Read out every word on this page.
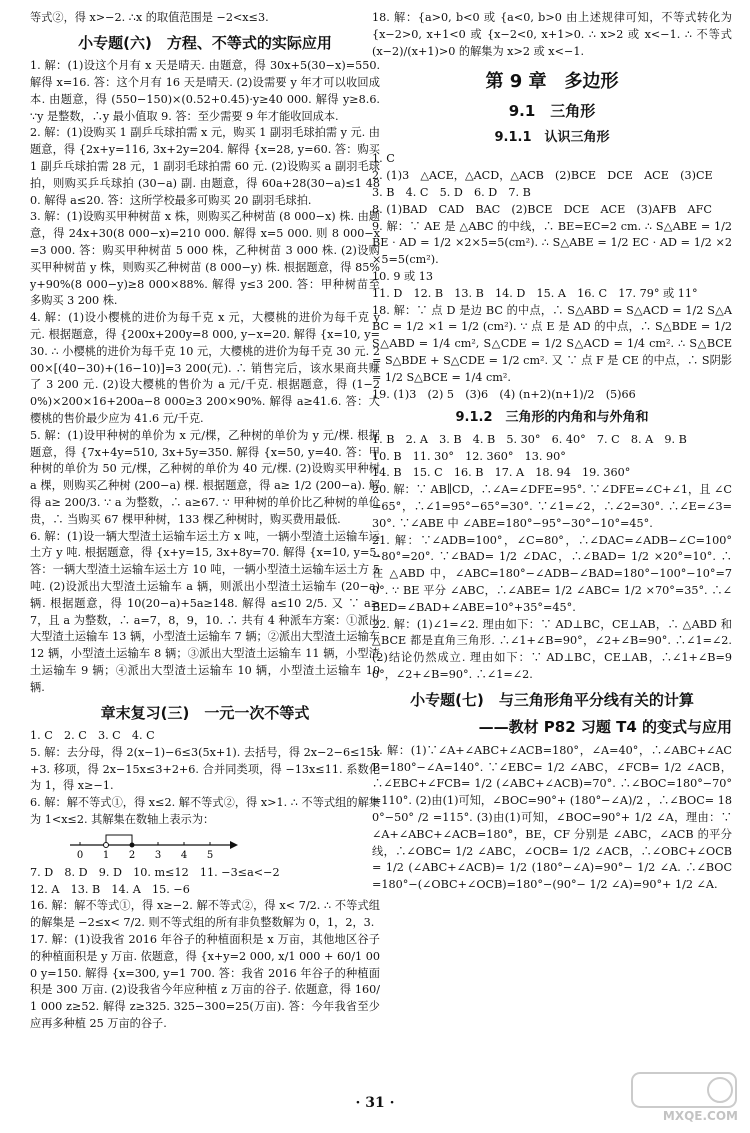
等式②，得 x>−2. ∴x 的取值范围是 −2<x≤3.
小专题(六)　方程、不等式的实际应用
1. 解：(1)设这个月有 x 天是晴天. 由题意，得 30x+5(30−x)=550. 解得 x=16. 答：这个月有 16 天是晴天. (2)设需要 y 年才可以收回成本. 由题意，得 (550−150)×(0.52+0.45)·y≥40 000. 解得 y≥8.6. ∵y 是整数，∴y 最小值取 9. 答：至少需要 9 年才能收回成本.
2. 解：(1)设购买 1 副乒乓球拍需 x 元，购买 1 副羽毛球拍需 y 元. 由题意，得 {2x+y=116, 3x+2y=204. 解得 {x=28, y=60. 答：购买 1 副乒乓球拍需 28 元，1 副羽毛球拍需 60 元. (2)设购买 a 副羽毛球拍，则购买乒乓球拍 (30−a) 副. 由题意，得 60a+28(30−a)≤1 480. 解得 a≤20. 答：这所学校最多可购买 20 副羽毛球拍.
3. 解：(1)设购买甲种树苗 x 株，则购买乙种树苗 (8 000−x) 株. 由题意，得 24x+30(8 000−x)=210 000. 解得 x=5 000. 则 8 000−x=3 000. 答：购买甲种树苗 5 000 株，乙种树苗 3 000 株. (2)设购买甲种树苗 y 株，则购买乙种树苗 (8 000−y) 株. 根据题意，得 85%y+90%(8 000−y)≥8 000×88%. 解得 y≤3 200. 答：甲种树苗至多购买 3 200 株.
4. 解：(1)设小樱桃的进价为每千克 x 元，大樱桃的进价为每千克 y 元. 根据题意，得 {200x+200y=8 000, y−x=20. 解得 {x=10, y=30. ∴ 小樱桃的进价为每千克 10 元，大樱桃的进价为每千克 30 元. 200×[(40−30)+(16−10)]=3 200(元). ∴ 销售完后，该水果商共赚了 3 200 元. (2)设大樱桃的售价为 a 元/千克. 根据题意，得 (1−20%)×200×16+200a−8 000≥3 200×90%. 解得 a≥41.6. 答：大樱桃的售价最少应为 41.6 元/千克.
5. 解：(1)设甲种树的单价为 x 元/棵，乙种树的单价为 y 元/棵. 根据题意，得 {7x+4y=510, 3x+5y=350. 解得 {x=50, y=40. 答：甲种树的单价为 50 元/棵，乙种树的单价为 40 元/棵. (2)设购买甲种树 a 棵，则购买乙种树 (200−a) 棵. 根据题意，得 a≥ 1/2 (200−a). 解得 a≥ 200/3. ∵ a 为整数，∴ a≥67. ∵ 甲种树的单价比乙种树的单价贵，∴ 当购买 67 棵甲种树，133 棵乙种树时，购买费用最低.
6. 解：(1)设一辆大型渣土运输车运土方 x 吨，一辆小型渣土运输车运土方 y 吨. 根据题意，得 {x+y=15, 3x+8y=70. 解得 {x=10, y=5. 答：一辆大型渣土运输车运土方 10 吨，一辆小型渣土运输车运土方 5 吨. (2)设派出大型渣土运输车 a 辆，则派出小型渣土运输车 (20−a) 辆. 根据题意，得 10(20−a)+5a≥148. 解得 a≤10 2/5. 又 ∵ a≥7，且 a 为整数，∴ a=7，8，9，10. ∴ 共有 4 种派车方案：①派出大型渣土运输车 13 辆，小型渣土运输车 7 辆；②派出大型渣土运输车 12 辆，小型渣土运输车 8 辆；③派出大型渣土运输车 11 辆，小型渣土运输车 9 辆；④派出大型渣土运输车 10 辆，小型渣土运输车 10 辆.
章末复习(三)　一元一次不等式
1. C　2. C　3. C　4. C
5. 解：去分母，得 2(x−1)−6≤3(5x+1). 去括号，得 2x−2−6≤15x+3. 移项，得 2x−15x≤3+2+6. 合并同类项，得 −13x≤11. 系数化为 1，得 x≥−1.
6. 解：解不等式①，得 x≤2. 解不等式②，得 x>1. ∴ 不等式组的解集为 1<x≤2. 其解集在数轴上表示为：
0 1 2 3 4 5
7. D　8. D　9. D　10. m≤12　11. −3≤a<−2
12. A　13. B　14. A　15. −6
16. 解：解不等式①，得 x≥−2. 解不等式②，得 x< 7/2. ∴ 不等式组的解集是 −2≤x< 7/2. 则不等式组的所有非负整数解为 0，1，2，3.
17. 解：(1)设我省 2016 年谷子的种植面积是 x 万亩，其他地区谷子的种植面积是 y 万亩. 依题意，得 {x+y=2 000, x/1 000 + 60/1 000 y=150. 解得 {x=300, y=1 700. 答：我省 2016 年谷子的种植面积是 300 万亩. (2)设我省今年应种植 z 万亩的谷子. 依题意，得 160/1 000 z≥52. 解得 z≥325. 325−300=25(万亩). 答：今年我省至少应再多种植 25 万亩的谷子.
18. 解：{a>0, b<0 或 {a<0, b>0 由上述规律可知，不等式转化为 {x−2>0, x+1<0 或 {x−2<0, x+1>0. ∴ x>2 或 x<−1. ∴ 不等式 (x−2)/(x+1)>0 的解集为 x>2 或 x<−1.
第 9 章　多边形
9.1　三角形
9.1.1　认识三角形
1. C
2. (1)3　△ACE，△ACD，△ACB　(2)BCE　DCE　ACE　(3)CE
3. B　4. C　5. D　6. D　7. B
8. (1)BAD　CAD　BAC　(2)BCE　DCE　ACE　(3)AFB　AFC
9. 解：∵ AE 是 △ABC 的中线，∴ BE=EC=2 cm. ∴ S△ABE = 1/2 BE · AD = 1/2 ×2×5=5(cm²). ∴ S△ABE = 1/2 EC · AD = 1/2 ×2×5=5(cm²).
10. 9 或 13
11. D　12. B　13. B　14. D　15. A　16. C　17. 79° 或 11°
18. 解：∵ 点 D 是边 BC 的中点，∴ S△ABD = S△ACD = 1/2 S△ABC = 1/2 ×1 = 1/2 (cm²). ∵ 点 E 是 AD 的中点，∴ S△BDE = 1/2 S△ABD = 1/4 cm², S△CDE = 1/2 S△ACD = 1/4 cm². ∴ S△BCE = S△BDE + S△CDE = 1/2 cm². 又 ∵ 点 F 是 CE 的中点，∴ S阴影 = 1/2 S△BCE = 1/4 cm².
19. (1)3　(2) 5　(3)6　(4) (n+2)(n+1)/2　(5)66
9.1.2　三角形的内角和与外角和
1. B　2. A　3. B　4. B　5. 30°　6. 40°　7. C　8. A　9. B
10. B　11. 30°　12. 360°　13. 90°
14. B　15. C　16. B　17. A　18. 94　19. 360°
20. 解：∵ AB∥CD，∴∠A=∠DFE=95°. ∵∠DFE=∠C+∠1，且 ∠C=65°，∴∠1=95°−65°=30°. ∵∠1=∠2，∴∠2=30°. ∴∠E=∠3=30°. ∵∠ABE 中 ∠ABE=180°−95°−30°−10°=45°.
21. 解：∵∠ADB=100°，∠C=80°，∴∠DAC=∠ADB−∠C=100°−80°=20°. ∵∠BAD= 1/2 ∠DAC，∴∠BAD= 1/2 ×20°=10°. ∴ 在 △ABD 中，∠ABC=180°−∠ADB−∠BAD=180°−100°−10°=70°. ∵ BE 平分 ∠ABC，∴∠ABE= 1/2 ∠ABC= 1/2 ×70°=35°. ∴∠BED=∠BAD+∠ABE=10°+35°=45°.
22. 解：(1)∠1=∠2. 理由如下：∵ AD⊥BC，CE⊥AB，∴ △ABD 和 △BCE 都是直角三角形. ∴∠1+∠B=90°，∠2+∠B=90°. ∴∠1=∠2. (2)结论仍然成立. 理由如下：∵ AD⊥BC，CE⊥AB，∴∠1+∠B=90°，∠2+∠B=90°. ∴∠1=∠2.
小专题(七)　与三角形角平分线有关的计算
——教材 P82 习题 T4 的变式与应用
1. 解：(1)∵∠A+∠ABC+∠ACB=180°，∠A=40°，∴∠ABC+∠ACB=180°−∠A=140°. ∵∠EBC= 1/2 ∠ABC，∠FCB= 1/2 ∠ACB，∴∠EBC+∠FCB= 1/2 (∠ABC+∠ACB)=70°. ∴∠BOC=180°−70°=110°. (2)由(1)可知，∠BOC=90°+ (180°−∠A)/2 ，∴∠BOC= 180°−50° /2 =115°. (3)由(1)可知，∠BOC=90°+ 1/2 ∠A，理由：∵∠A+∠ABC+∠ACB=180°，BE，CF 分别是 ∠ABC，∠ACB 的平分线，∴∠OBC= 1/2 ∠ABC，∠OCB= 1/2 ∠ACB，∴∠OBC+∠OCB= 1/2 (∠ABC+∠ACB)= 1/2 (180°−∠A)=90°− 1/2 ∠A. ∴∠BOC=180°−(∠OBC+∠OCB)=180°−(90°− 1/2 ∠A)=90°+ 1/2 ∠A.
· 31 ·
MXQE.COM
